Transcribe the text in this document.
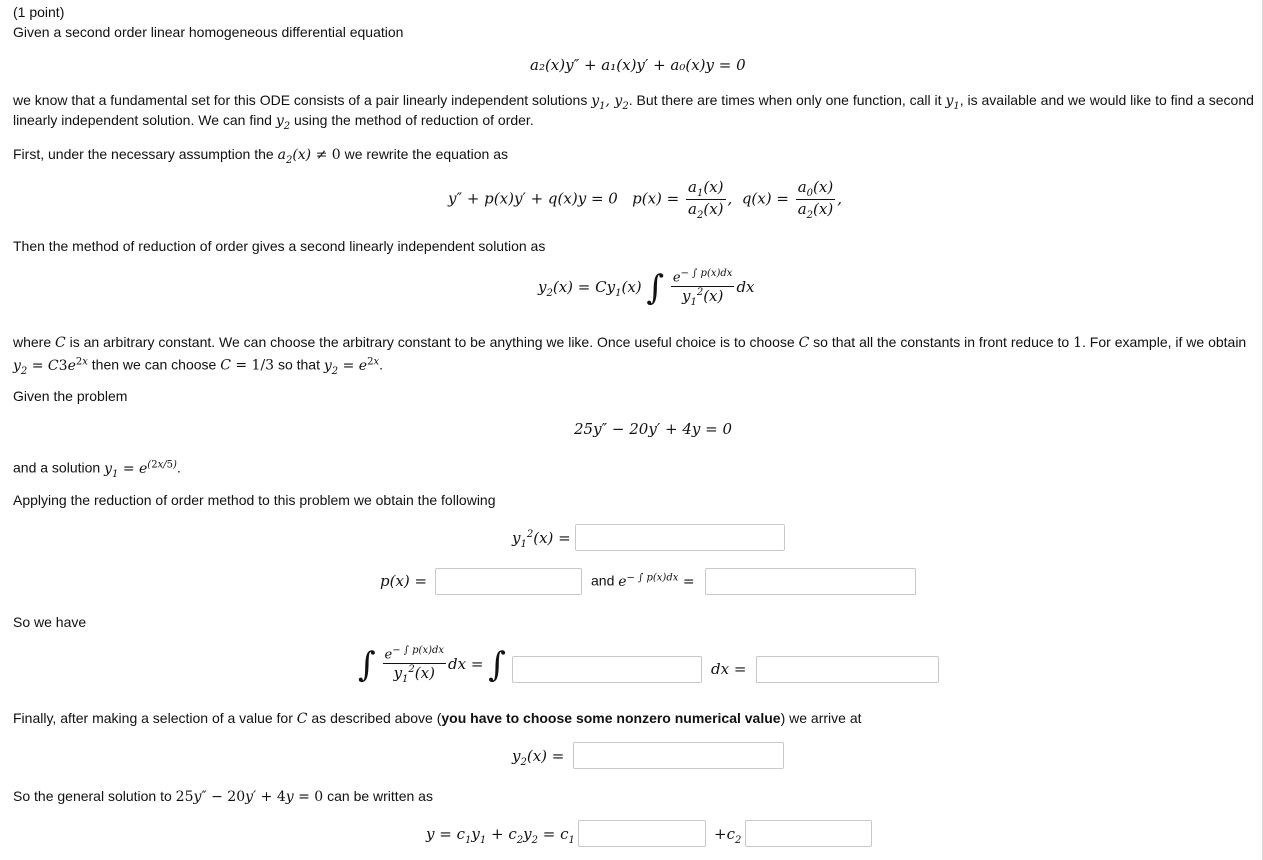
(1 point)
Given a second order linear homogeneous differential equation
a₂(x)y″ + a₁(x)y′ + a₀(x)y = 0
we know that a fundamental set for this ODE consists of a pair linearly independent solutions $y_1$, $y_2$. But there are times when only one function, call it $y_1$, is available and we would like to find a second
linearly independent solution. We can find $y_2$ using the method of reduction of order.
First, under the necessary assumption the $a_2(x) \ne 0$ we rewrite the equation as
y″ + p(x)y′ + q(x)y = 0   $p(x) = \frac{a_1(x)}{a_2(x)}$ ,  $q(x) = \frac{a_0(x)}{a_2(x)}$ ,
Then the method of reduction of order gives a second linearly independent solution as
$y_2(x) = Cy_1(x)$ ∫ $\frac{e^{- \int p(x)dx}}{y_1^2(x)}$ dx
where C is an arbitrary constant. We can choose the arbitrary constant to be anything we like. Once useful choice is to choose C so that all the constants in front reduce to 1. For example, if we obtain
$y_2 = C3e^{2x}$ then we can choose C = 1/3 so that $y_2 = e^{2x}$.
Given the problem
25y″ − 20y′ + 4y = 0
and a solution $y_1 = e^{(2x/5)}$.
Applying the reduction of order method to this problem we obtain the following
$y_1^2(x)$ =
p(x) =	and $e^{- \int p(x)dx}$ =
So we have
∫ $\frac{e^{- \int p(x)dx}}{y_1^2(x)}$ dx = ∫	dx =
Finally, after making a selection of a value for C as described above (you have to choose some nonzero numerical value) we arrive at
$y_2(x)$ =
So the general solution to 25y″ − 20y′ + 4y = 0 can be written as
$y = c_1y_1 + c_2y_2 = c_1$	$+c_2$
